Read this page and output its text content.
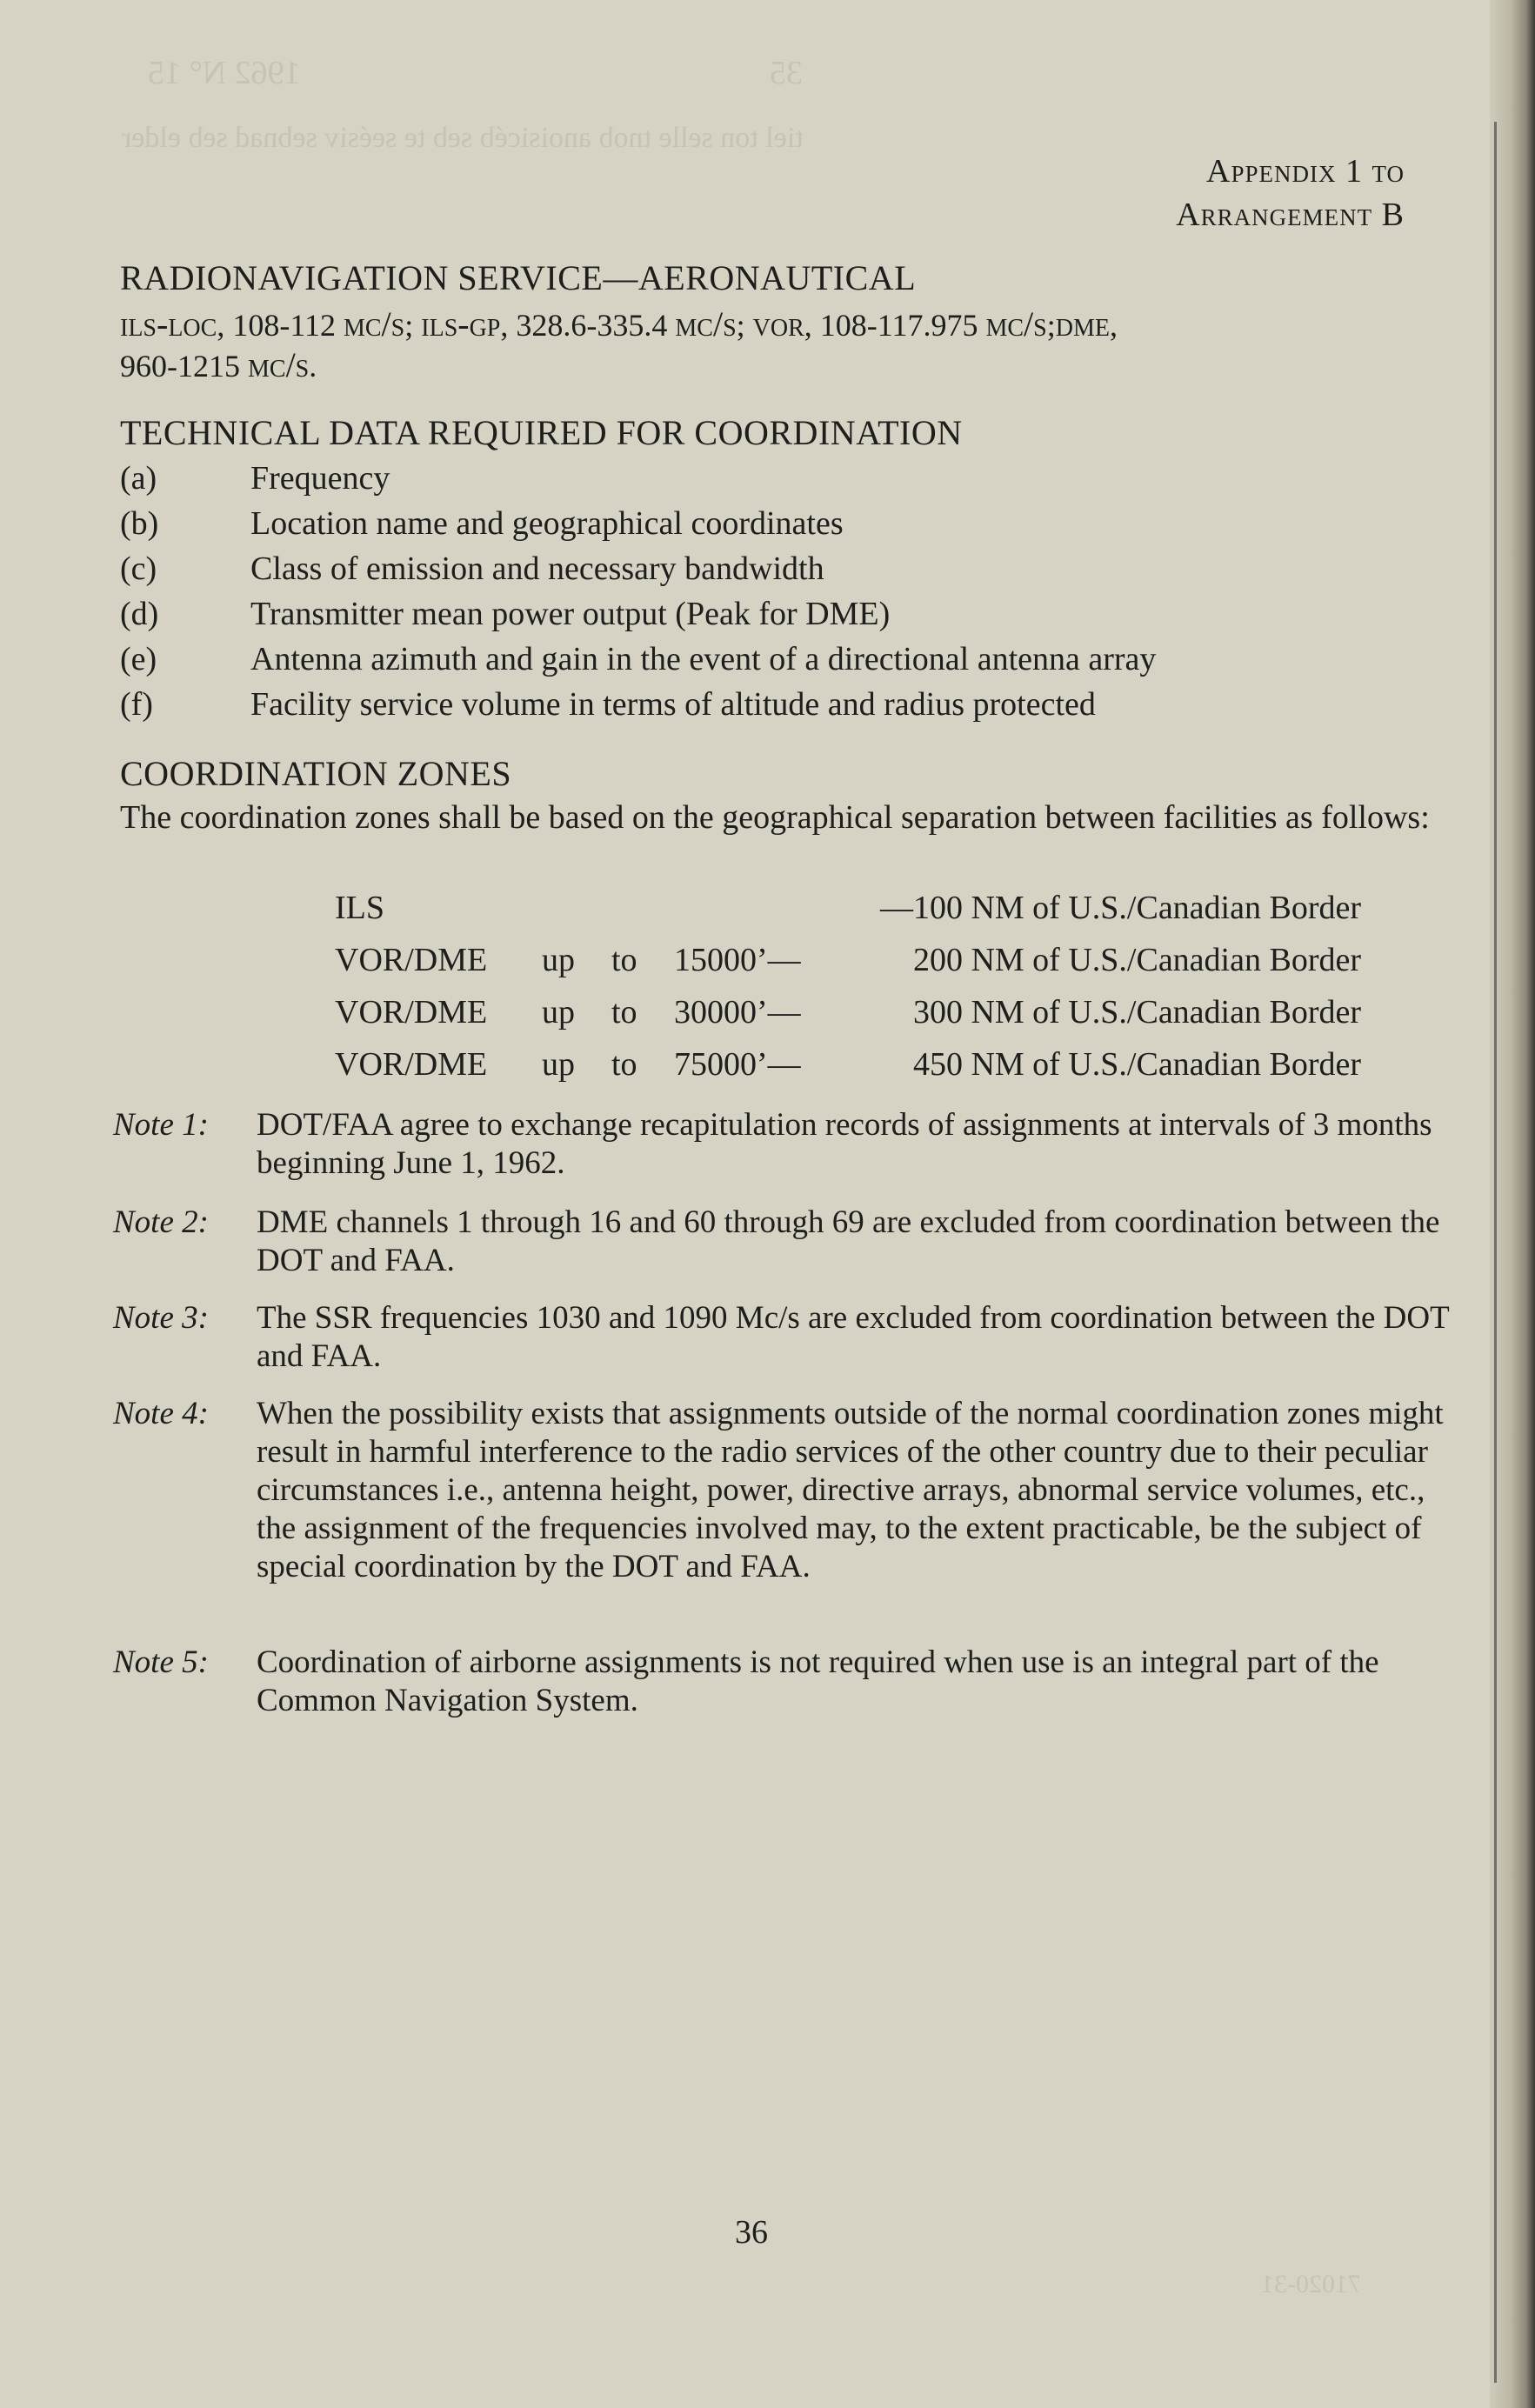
1962 N° 15	35
tiel ton selle tnob anoisicéb seb te seésiv sebnad seb elder
71020-31
Appendix 1 to
Arrangement B
RADIONAVIGATION SERVICE—AERONAUTICAL
ils-loc, 108-112 mc/s; ils-gp, 328.6-335.4 mc/s; vor, 108-117.975 mc/s;dme,
960-1215 mc/s.
TECHNICAL DATA REQUIRED FOR COORDINATION
(a)	Frequency
(b)	Location name and geographical coordinates
(c)	Class of emission and necessary bandwidth
(d)	Transmitter mean power output (Peak for DME)
(e)	Antenna azimuth and gain in the event of a directional antenna array
(f)	Facility service volume in terms of altitude and radius protected
COORDINATION ZONES
The coordination zones shall be based on the geographical separation between facilities as follows:
ILS	—100 NM of U.S./Canadian Border
VOR/DME up to 15000’—	200 NM of U.S./Canadian Border
VOR/DME up to 30000’—	300 NM of U.S./Canadian Border
VOR/DME up to 75000’—	450 NM of U.S./Canadian Border
Note 1: DOT/FAA agree to exchange recapitulation records of assignments at intervals of 3 months beginning June 1, 1962.
Note 2: DME channels 1 through 16 and 60 through 69 are excluded from coordination between the DOT and FAA.
Note 3: The SSR frequencies 1030 and 1090 Mc/s are excluded from coordination between the DOT and FAA.
Note 4: When the possibility exists that assignments outside of the normal coordination zones might result in harmful interference to the radio services of the other country due to their peculiar circumstances i.e., antenna height, power, directive arrays, abnormal service volumes, etc., the assignment of the frequencies involved may, to the extent practicable, be the subject of special coordination by the DOT and FAA.
Note 5: Coordination of airborne assignments is not required when use is an integral part of the Common Navigation System.
36
